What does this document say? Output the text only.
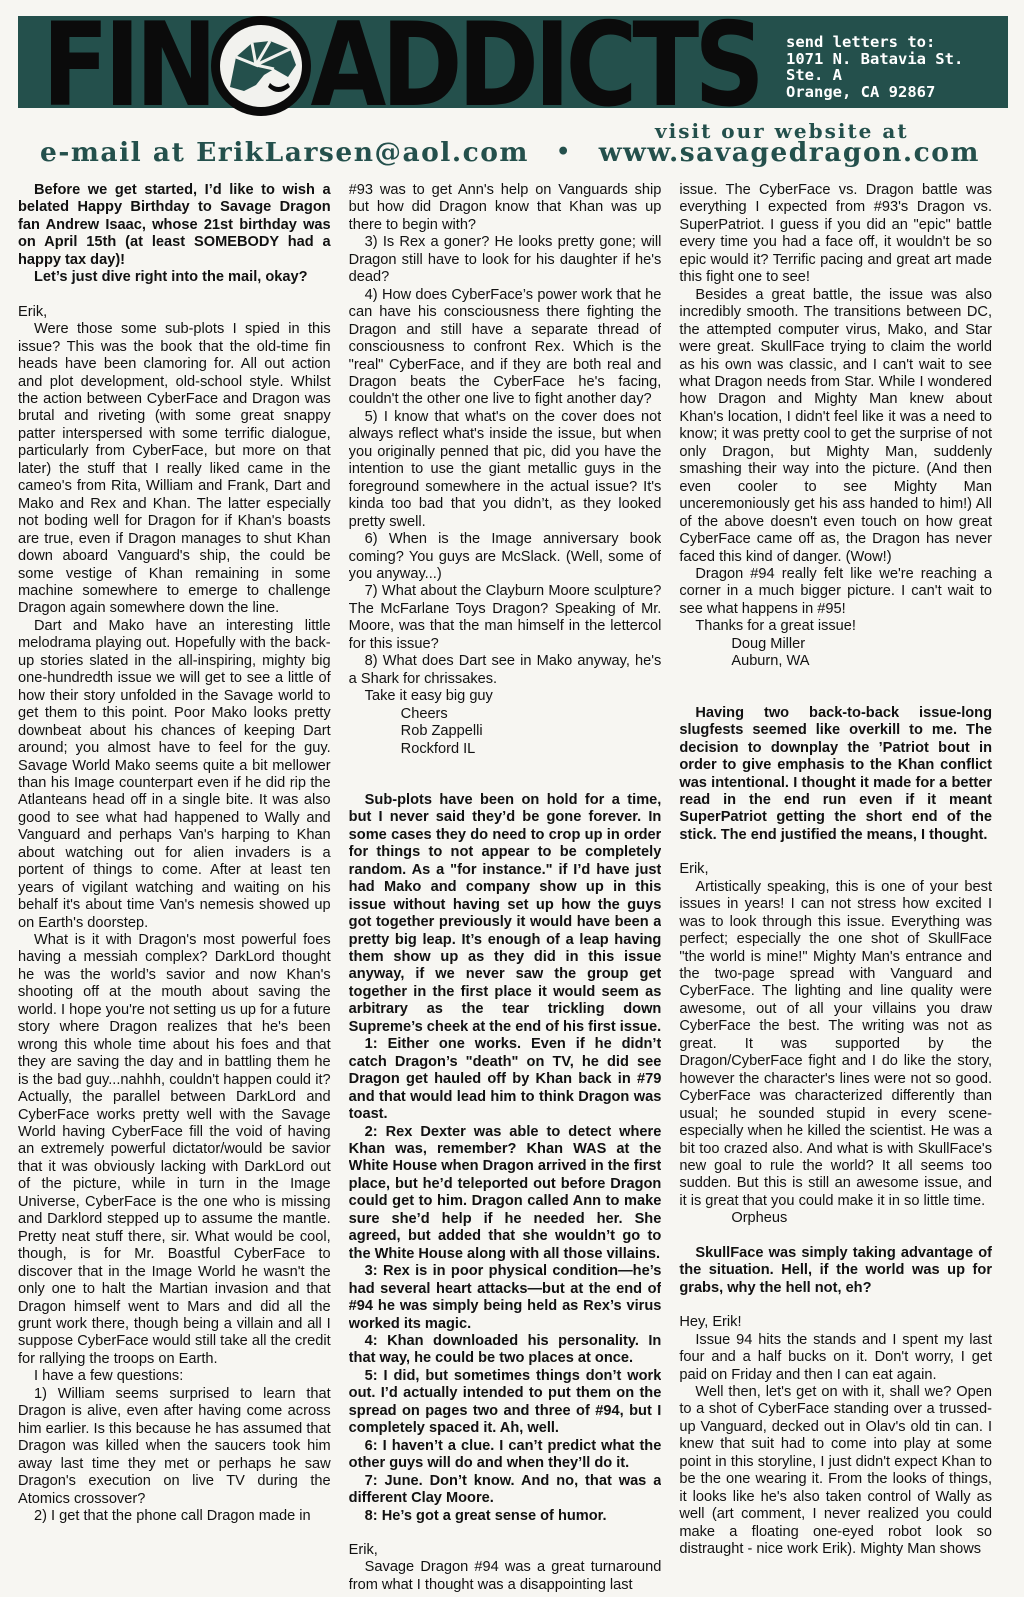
FIN ADDICTS send letters to:
1071 N. Batavia St.
Ste. A
Orange, CA 92867
visit our website at
e-mail at ErikLarsen@aol.com • www.savagedragon.com

Before we get started, I’d like to wish a belated Happy Birthday to Savage Dragon fan Andrew Isaac, whose 21st birthday was on April 15th (at least SOMEBODY had a happy tax day)!

Let’s just dive right into the mail, okay?

Erik,

Were those some sub-plots I spied in this issue? This was the book that the old-time fin heads have been clamoring for. All out action and plot development, old-school style. Whilst the action between CyberFace and Dragon was brutal and riveting (with some great snappy patter interspersed with some terrific dialogue, particularly from CyberFace, but more on that later) the stuff that I really liked came in the cameo's from Rita, William and Frank, Dart and Mako and Rex and Khan. The latter especially not boding well for Dragon for if Khan's boasts are true, even if Dragon manages to shut Khan down aboard Vanguard's ship, the could be some vestige of Khan remaining in some machine somewhere to emerge to challenge Dragon again somewhere down the line.

Dart and Mako have an interesting little melodrama playing out. Hopefully with the back-up stories slated in the all-inspiring, mighty big one-hundredth issue we will get to see a little of how their story unfolded in the Savage world to get them to this point. Poor Mako looks pretty downbeat about his chances of keeping Dart around; you almost have to feel for the guy. Savage World Mako seems quite a bit mellower than his Image counterpart even if he did rip the Atlanteans head off in a single bite. It was also good to see what had happened to Wally and Vanguard and perhaps Van's harping to Khan about watching out for alien invaders is a portent of things to come. After at least ten years of vigilant watching and waiting on his behalf it's about time Van's nemesis showed up on Earth's doorstep.

What is it with Dragon's most powerful foes having a messiah complex? DarkLord thought he was the world’s savior and now Khan's shooting off at the mouth about saving the world. I hope you're not setting us up for a future story where Dragon realizes that he's been wrong this whole time about his foes and that they are saving the day and in battling them he is the bad guy...nahhh, couldn't happen could it? Actually, the parallel between DarkLord and CyberFace works pretty well with the Savage World having CyberFace fill the void of having an extremely powerful dictator/would be savior that it was obviously lacking with DarkLord out of the picture, while in turn in the Image Universe, CyberFace is the one who is missing and Darklord stepped up to assume the mantle. Pretty neat stuff there, sir. What would be cool, though, is for Mr. Boastful CyberFace to discover that in the Image World he wasn't the only one to halt the Martian invasion and that Dragon himself went to Mars and did all the grunt work there, though being a villain and all I suppose CyberFace would still take all the credit for rallying the troops on Earth.

I have a few questions:

1) William seems surprised to learn that Dragon is alive, even after having come across him earlier. Is this because he has assumed that Dragon was killed when the saucers took him away last time they met or perhaps he saw Dragon's execution on live TV during the Atomics crossover?

2) I get that the phone call Dragon made in

#93 was to get Ann's help on Vanguards ship but how did Dragon know that Khan was up there to begin with?

3) Is Rex a goner? He looks pretty gone; will Dragon still have to look for his daughter if he's dead?

4) How does CyberFace’s power work that he can have his consciousness there fighting the Dragon and still have a separate thread of consciousness to confront Rex. Which is the "real" CyberFace, and if they are both real and Dragon beats the CyberFace he's facing, couldn't the other one live to fight another day?

5) I know that what's on the cover does not always reflect what's inside the issue, but when you originally penned that pic, did you have the intention to use the giant metallic guys in the foreground somewhere in the actual issue? It's kinda too bad that you didn’t, as they looked pretty swell.

6) When is the Image anniversary book coming? You guys are McSlack. (Well, some of you anyway...)

7) What about the Clayburn Moore sculpture? The McFarlane Toys Dragon? Speaking of Mr. Moore, was that the man himself in the lettercol for this issue?

8) What does Dart see in Mako anyway, he's a Shark for chrissakes.

Take it easy big guy

Cheers

Rob Zappelli

Rockford IL

Sub-plots have been on hold for a time, but I never said they’d be gone forever. In some cases they do need to crop up in order for things to not appear to be completely random. As a "for instance." if I’d have just had Mako and company show up in this issue without having set up how the guys got together previously it would have been a pretty big leap. It’s enough of a leap having them show up as they did in this issue anyway, if we never saw the group get together in the first place it would seem as arbitrary as the tear trickling down Supreme’s cheek at the end of his first issue.

1: Either one works. Even if he didn’t catch Dragon’s "death" on TV, he did see Dragon get hauled off by Khan back in #79 and that would lead him to think Dragon was toast.

2: Rex Dexter was able to detect where Khan was, remember? Khan WAS at the White House when Dragon arrived in the first place, but he’d teleported out before Dragon could get to him. Dragon called Ann to make sure she’d help if he needed her. She agreed, but added that she wouldn’t go to the White House along with all those villains.

3: Rex is in poor physical condition—he’s had several heart attacks—but at the end of #94 he was simply being held as Rex’s virus worked its magic.

4: Khan downloaded his personality. In that way, he could be two places at once.

5: I did, but sometimes things don’t work out. I’d actually intended to put them on the spread on pages two and three of #94, but I completely spaced it. Ah, well.

6: I haven’t a clue. I can’t predict what the other guys will do and when they’ll do it.

7: June. Don’t know. And no, that was a different Clay Moore.

8: He’s got a great sense of humor.

Erik,

Savage Dragon #94 was a great turnaround from what I thought was a disappointing last

issue. The CyberFace vs. Dragon battle was everything I expected from #93's Dragon vs. SuperPatriot. I guess if you did an "epic" battle every time you had a face off, it wouldn't be so epic would it? Terrific pacing and great art made this fight one to see!

Besides a great battle, the issue was also incredibly smooth. The transitions between DC, the attempted computer virus, Mako, and Star were great. SkullFace trying to claim the world as his own was classic, and I can't wait to see what Dragon needs from Star. While I wondered how Dragon and Mighty Man knew about Khan's location, I didn't feel like it was a need to know; it was pretty cool to get the surprise of not only Dragon, but Mighty Man, suddenly smashing their way into the picture. (And then even cooler to see Mighty Man unceremoniously get his ass handed to him!) All of the above doesn't even touch on how great CyberFace came off as, the Dragon has never faced this kind of danger. (Wow!)

Dragon #94 really felt like we're reaching a corner in a much bigger picture. I can't wait to see what happens in #95!

Thanks for a great issue!

Doug Miller

Auburn, WA

Having two back-to-back issue-long slugfests seemed like overkill to me. The decision to downplay the ’Patriot bout in order to give emphasis to the Khan conflict was intentional. I thought it made for a better read in the end run even if it meant SuperPatriot getting the short end of the stick. The end justified the means, I thought.

Erik,

Artistically speaking, this is one of your best issues in years! I can not stress how excited I was to look through this issue. Everything was perfect; especially the one shot of SkullFace "the world is mine!" Mighty Man's entrance and the two-page spread with Vanguard and CyberFace. The lighting and line quality were awesome, out of all your villains you draw CyberFace the best. The writing was not as great. It was supported by the Dragon/CyberFace fight and I do like the story, however the character's lines were not so good. CyberFace was characterized differently than usual; he sounded stupid in every scene-especially when he killed the scientist. He was a bit too crazed also. And what is with SkullFace's new goal to rule the world? It all seems too sudden. But this is still an awesome issue, and it is great that you could make it in so little time.

Orpheus

SkullFace was simply taking advantage of the situation. Hell, if the world was up for grabs, why the hell not, eh?

Hey, Erik!

Issue 94 hits the stands and I spent my last four and a half bucks on it. Don't worry, I get paid on Friday and then I can eat again.

Well then, let's get on with it, shall we? Open to a shot of CyberFace standing over a trussed-up Vanguard, decked out in Olav's old tin can. I knew that suit had to come into play at some point in this storyline, I just didn't expect Khan to be the one wearing it. From the looks of things, it looks like he's also taken control of Wally as well (art comment, I never realized you could make a floating one-eyed robot look so distraught - nice work Erik). Mighty Man shows
